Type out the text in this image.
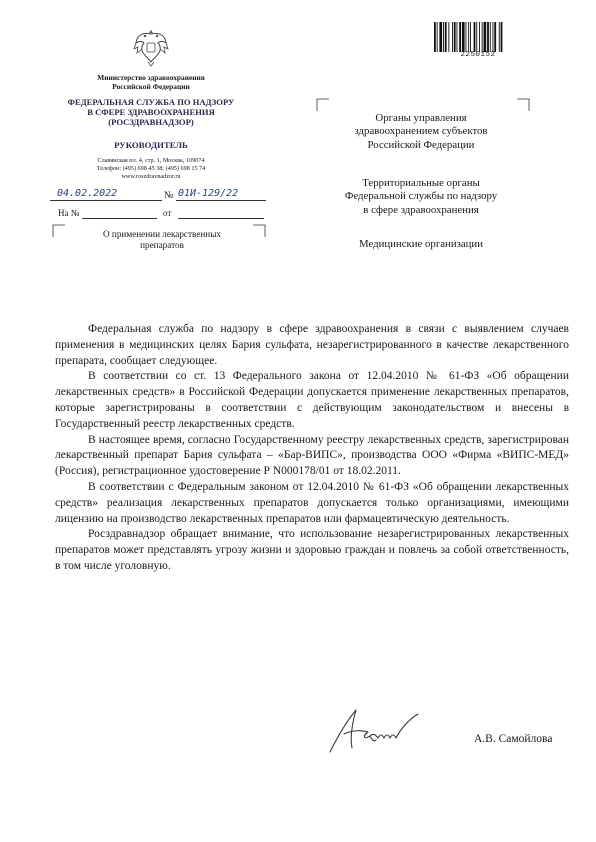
2250152
Министерство здравоохранения
Российской Федерации
ФЕДЕРАЛЬНАЯ СЛУЖБА ПО НАДЗОРУ
В СФЕРЕ ЗДРАВООХРАНЕНИЯ
(РОСЗДРАВНАДЗОР)
РУКОВОДИТЕЛЬ
Славянская пл. 4, стр. 1, Москва, 109074
Телефон: (495) 698 45 38; (495) 698 15 74
www.roszdravnadzor.ru
04.02.2022	№ 01И-129/22
На №	от
О применении лекарственных
препаратов
Органы управления
здравоохранением субъектов
Российской Федерации
Территориальные органы
Федеральной службы по надзору
в сфере здравоохранения
Медицинские организации

Федеральная служба по надзору в сфере здравоохранения в связи с выявлением случаев применения в медицинских целях Бария сульфата, незарегистрированного в качестве лекарственного препарата, сообщает следующее.

В соответствии со ст. 13 Федерального закона от 12.04.2010 № 61-ФЗ «Об обращении лекарственных средств» в Российской Федерации допускается применение лекарственных препаратов, которые зарегистрированы в соответствии с действующим законодательством и внесены в Государственный реестр лекарственных средств.

В настоящее время, согласно Государственному реестру лекарственных средств, зарегистрирован лекарственный препарат Бария сульфата – «Бар-ВИПС», производства ООО «Фирма «ВИПС-МЕД» (Россия), регистрационное удостоверение Р N000178/01 от 18.02.2011.

В соответствии с Федеральным законом от 12.04.2010 № 61-ФЗ «Об обращении лекарственных средств» реализация лекарственных препаратов допускается только организациями, имеющими лицензию на производство лекарственных препаратов или фармацевтическую деятельность.

Росздравнадзор обращает внимание, что использование незарегистрированных лекарственных препаратов может представлять угрозу жизни и здоровью граждан и повлечь за собой ответственность, в том числе уголовную.

А.В. Самойлова
